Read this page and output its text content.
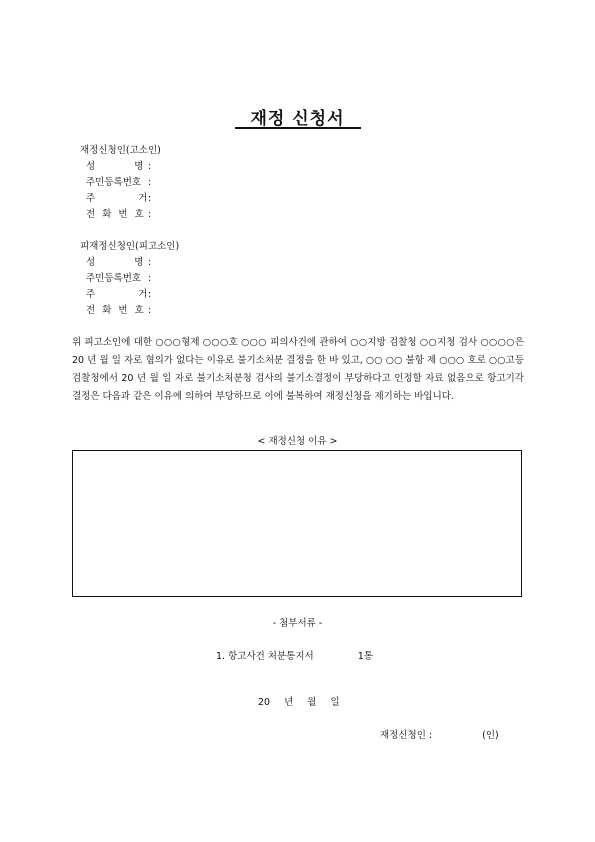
재정 신청서
재정신청인(고소인)
성 명 :
주민등록번호 :
주 거:
전 화 번 호 :
피재정신청인(피고소인)
성 명 :
주민등록번호 :
주 거:
전 화 번 호 :
위 피고소인에 대한 ○○○형제 ○○○호 ○○○ 피의사건에 관하여 ○○지방 검찰청 ○○지청 검사 ○○○○은 20 년 월 일 자로 혐의가 없다는 이유로 불기소처분 결정을 한 바 있고, ○○ ○○ 불항 제 ○○○ 호로 ○○고등검찰청에서 20 년 월 일 자로 불기소처분청 검사의 불기소결정이 부당하다고 인정할 자료 없음으로 항고기각 결정은 다음과 같은 이유에 의하여 부당하므로 이에 불복하여 재정신청을 제기하는 바입니다.
< 재정신청 이유 >
- 첨부서류 -
1. 항고사건 처분통지서	1통
20 년 월 일
재정신청인 :	(인)
